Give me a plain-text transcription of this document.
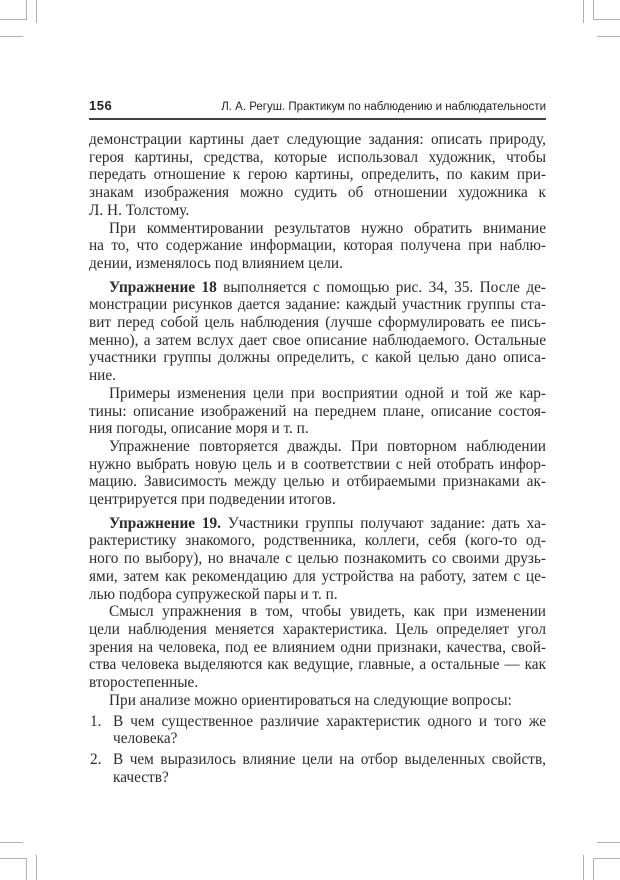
156	Л. А. Регуш. Практикум по наблюдению и наблюдательности
демонстрации картины дает следующие задания: описать природу,
героя картины, средства, которые использовал художник, чтобы
передать отношение к герою картины, определить, по каким при-
знакам изображения можно судить об отношении художника к
Л. Н. Толстому.
При комментировании результатов нужно обратить внимание
на то, что содержание информации, которая получена при наблю-
дении, изменялось под влиянием цели.
Упражнение 18 выполняется с помощью рис. 34, 35. После де-
монстрации рисунков дается задание: каждый участник группы ста-
вит перед собой цель наблюдения (лучше сформулировать ее пись-
менно), а затем вслух дает свое описание наблюдаемого. Остальные
участники группы должны определить, с какой целью дано описа-
ние.
Примеры изменения цели при восприятии одной и той же кар-
тины: описание изображений на переднем плане, описание состоя-
ния погоды, описание моря и т. п.
Упражнение повторяется дважды. При повторном наблюдении
нужно выбрать новую цель и в соответствии с ней отобрать инфор-
мацию. Зависимость между целью и отбираемыми признаками ак-
центрируется при подведении итогов.
Упражнение 19. Участники группы получают задание: дать ха-
рактеристику знакомого, родственника, коллеги, себя (кого-то од-
ного по выбору), но вначале с целью познакомить со своими друзь-
ями, затем как рекомендацию для устройства на работу, затем с це-
лью подбора супружеской пары и т. п.
Смысл упражнения в том, чтобы увидеть, как при изменении
цели наблюдения меняется характеристика. Цель определяет угол
зрения на человека, под ее влиянием одни признаки, качества, свой-
ства человека выделяются как ведущие, главные, а остальные — как
второстепенные.
При анализе можно ориентироваться на следующие вопросы:
1. В чем существенное различие характеристик одного и того же
человека?
2. В чем выразилось влияние цели на отбор выделенных свойств,
качеств?
